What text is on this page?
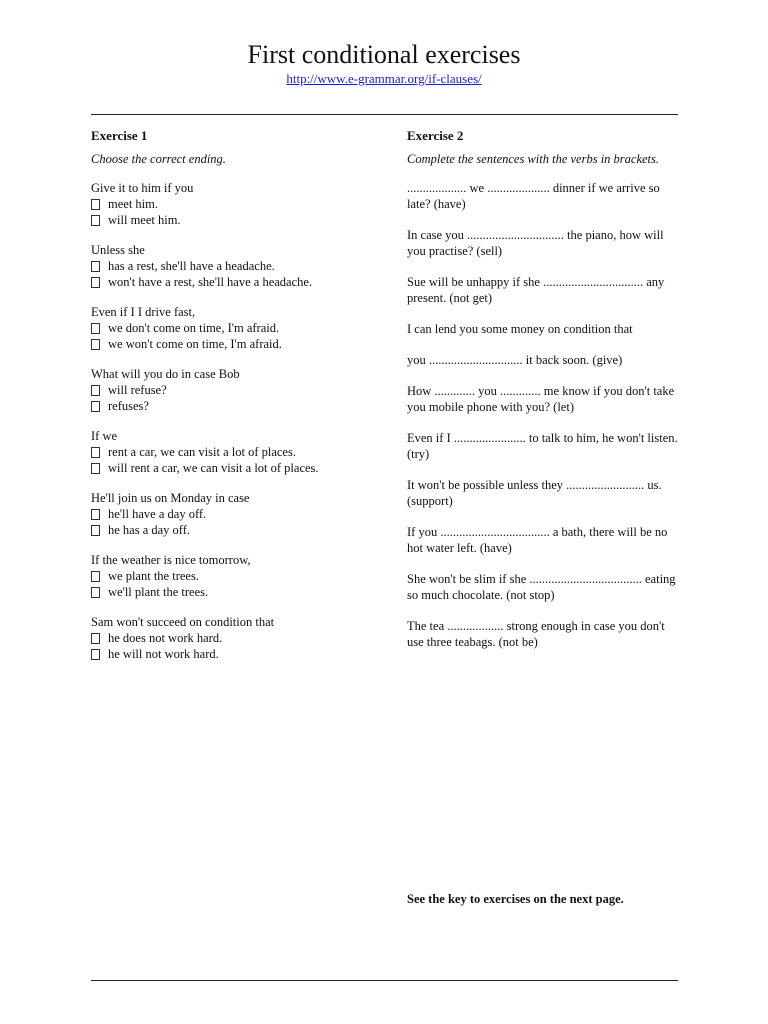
First conditional exercises
http://www.e-grammar.org/if-clauses/
Exercise 1
Choose the correct ending.
Give it to him if you
meet him.
will meet him.
Unless she
has a rest, she'll have a headache.
won't have a rest, she'll have a headache.
Even if I I drive fast,
we don't come on time, I'm afraid.
we won't come on time, I'm afraid.
What will you do in case Bob
will refuse?
refuses?
If we
rent a car, we can visit a lot of places.
will rent a car, we can visit a lot of places.
He'll join us on Monday in case
he'll have a day off.
he has a day off.
If the weather is nice tomorrow,
we plant the trees.
we'll plant the trees.
Sam won't succeed on condition that
he does not work hard.
he will not work hard.
Exercise 2
Complete the sentences with the verbs in brackets.
................... we .................... dinner if we arrive so late? (have)
In case you ............................... the piano, how will you practise? (sell)
Sue will be unhappy if she ................................ any present. (not get)
I can lend you some money on condition that
you .............................. it back soon. (give)
How ............. you ............. me know if you don't take you mobile phone with you? (let)
Even if I ....................... to talk to him, he won't listen. (try)
It won't be possible unless they ......................... us. (support)
If you ................................... a bath, there will be no hot water left. (have)
She won't be slim if she .................................... eating so much chocolate. (not stop)
The tea .................. strong enough in case you don't use three teabags. (not be)
See the key to exercises on the next page.
